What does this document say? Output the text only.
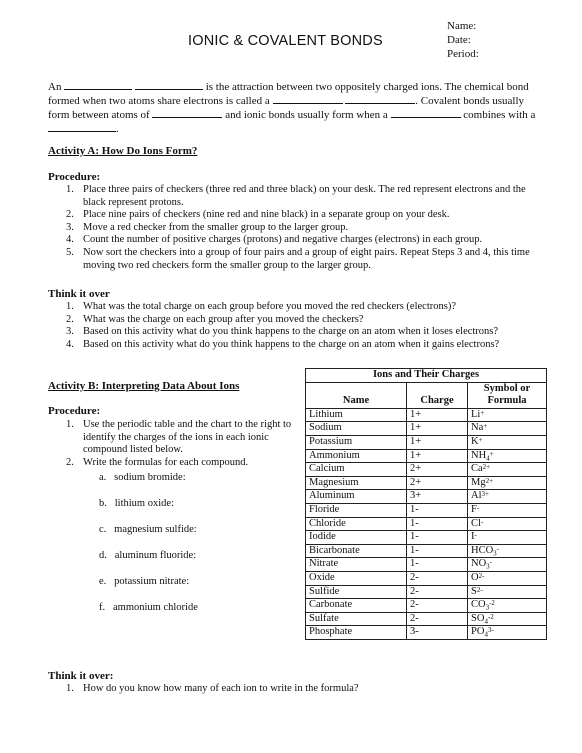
IONIC & COVALENT BONDS
Name:
Date:
Period:
An	is the attraction between two oppositely charged ions. The chemical bond formed when two atoms share electrons is called a	. Covalent bonds usually form between atoms of	and ionic bonds usually form when a	combines with a .
Activity A: How Do Ions Form?
Procedure:
1. Place three pairs of checkers (three red and three black) on your desk. The red represent electrons and the black represent protons.
2. Place nine pairs of checkers (nine red and nine black) in a separate group on your desk.
3. Move a red checker from the smaller group to the larger group.
4. Count the number of positive charges (protons) and negative charges (electrons) in each group.
5. Now sort the checkers into a group of four pairs and a group of eight pairs. Repeat Steps 3 and 4, this time moving two red checkers form the smaller group to the larger group.
Think it over
1. What was the total charge on each group before you moved the red checkers (electrons)?
2. What was the charge on each group after you moved the checkers?
3. Based on this activity what do you think happens to the charge on an atom when it loses electrons?
4. Based on this activity what do you think happens to the charge on an atom when it gains electrons?
Activity B: Interpreting Data About Ions
Procedure:
1. Use the periodic table and the chart to the right to identify the charges of the ions in each ionic compound listed below.
2. Write the formulas for each compound.
a. sodium bromide:
b. lithium oxide:
c. magnesium sulfide:
d. aluminum fluoride:
e. potassium nitrate:
f. ammonium chloride
Think it over:
1. How do you know how many of each ion to write in the formula?
Ions and Their Charges		
Name	Charge	Symbol or
Formula

Lithium	1+	Li+
Sodium	1+	Na+
Potassium	1+	K+
Ammonium	1+	NH4+
Calcium	2+	$Ca^{2+}$
Magnesium	2+	$Mg^{2+}$
Aluminum	3+	$Al^{3+}$
Floride	1-	F-
Chloride	1-	Cl-
Iodide	1-	I-
Bicarbonate	1-	HCO3-
Nitrate	1-	NO3-
Oxide	2-	$O^{2-}$
Sulfide	2-	$S^{2-}$
Carbonate	2-	$CO3^{-2}$
Sulfate	2-	$SO4^{-2}$
Phosphate	3-	$PO4^{3-}$
